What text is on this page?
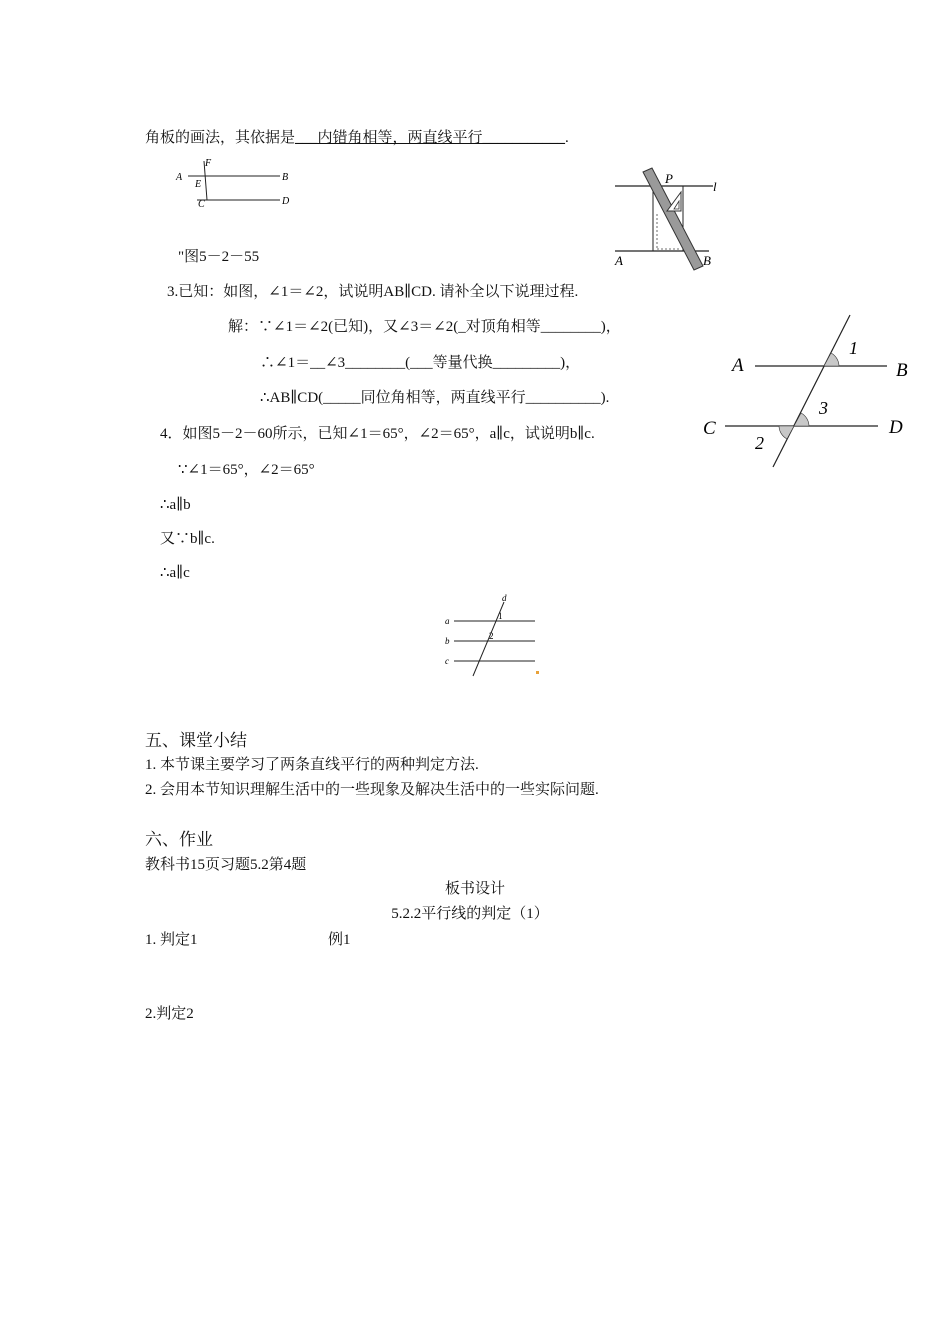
角板的画法，其依据是___内错角相等，两直线平行___________.
A
F
E
B
C	D
"图5－2－55
P
l
A	B
3.已知：如图，∠1＝∠2，试说明AB∥CD. 请补全以下说理过程.
解：∵∠1＝∠2(已知)，又∠3＝∠2(_对顶角相等________)，
∴∠1＝__∠3________(___等量代换_________)，
∴AB∥CD(_____同位角相等，两直线平行__________).
A	B
C	D
1
2
3
4．如图5－2－60所示，已知∠1＝65°，∠2＝65°，a∥c，试说明b∥c.
∵∠1＝65°，∠2＝65°
∴a∥b
又∵b∥c.
∴a∥c
d
a
b
c
1
2
五、课堂小结
1. 本节课主要学习了两条直线平行的两种判定方法.
2. 会用本节知识理解生活中的一些现象及解决生活中的一些实际问题.
六、作业
教科书15页习题5.2第4题
板书设计
5.2.2平行线的判定（1）
1. 判定1	例1
2.判定2
